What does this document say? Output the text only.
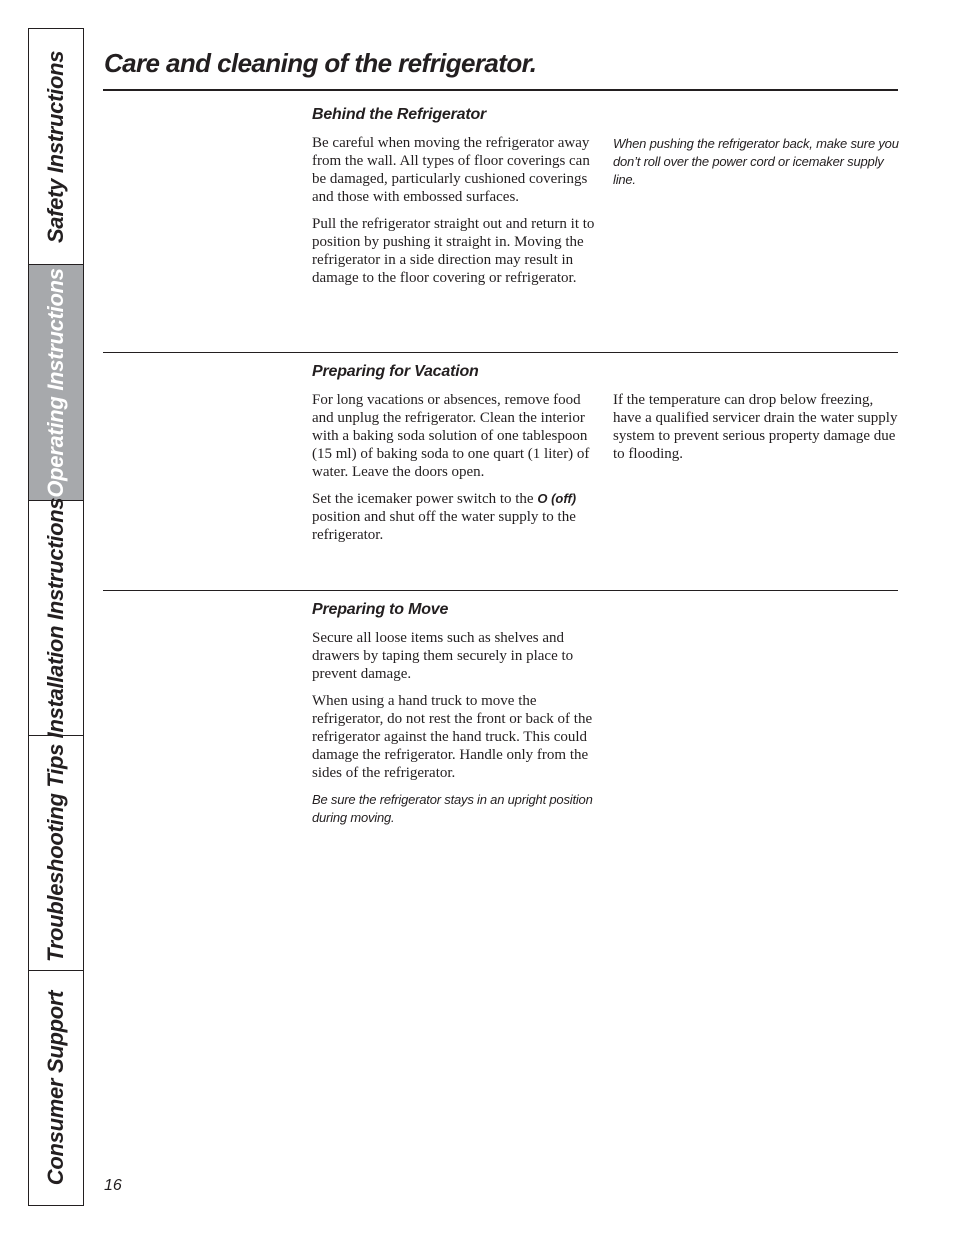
Safety Instructions
Operating Instructions
Installation Instructions
Troubleshooting Tips
Consumer Support
Care and cleaning of the refrigerator.
Behind the Refrigerator

Be careful when moving the refrigerator away from the wall. All types of floor coverings can be damaged, particularly cushioned coverings and those with embossed surfaces.

Pull the refrigerator straight out and return it to position by pushing it straight in. Moving the refrigerator in a side direction may result in damage to the floor covering or refrigerator.

When pushing the refrigerator back, make sure you don’t roll over the power cord or icemaker supply line.
Preparing for Vacation

For long vacations or absences, remove food and unplug the refrigerator. Clean the interior with a baking soda solution of one tablespoon (15 ml) of baking soda to one quart (1 liter) of water. Leave the doors open.

Set the icemaker power switch to the O (off) position and shut off the water supply to the refrigerator.

If the temperature can drop below freezing, have a qualified servicer drain the water supply system to prevent serious property damage due to flooding.

Preparing to Move

Secure all loose items such as shelves and drawers by taping them securely in place to prevent damage.

When using a hand truck to move the refrigerator, do not rest the front or back of the refrigerator against the hand truck. This could damage the refrigerator. Handle only from the sides of the refrigerator.

Be sure the refrigerator stays in an upright position during moving.

16
